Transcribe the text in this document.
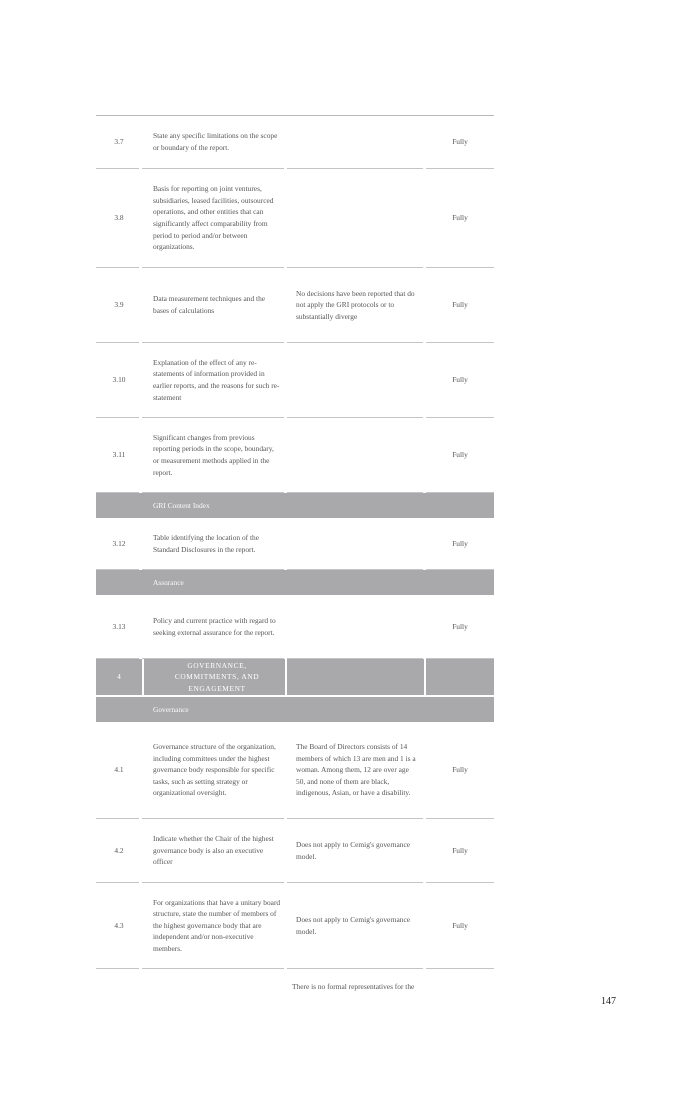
3.7
State any specific limitations on the scope or boundary of the report.
Fully
3.8
Basis for reporting on joint ventures, subsidiaries, leased facilities, outsourced operations, and other entities that can significantly affect comparability from period to period and/or between organizations.
Fully
3.9
Data measurement techniques and the bases of calculations
No decisions have been reported that do not apply the GRI protocols or to substantially diverge
Fully
3.10
Explanation of the effect of any re-statements of information provided in earlier reports, and the reasons for such re-statement
Fully
3.11
Significant changes from previous reporting periods in the scope, boundary, or measurement methods applied in the report.
Fully
GRI Content Index
3.12
Table identifying the location of the Standard Disclosures in the report.
Fully
Assurance
3.13
Policy and current practice with regard to seeking external assurance for the report.
Fully
4
GOVERNANCE, COMMITMENTS, AND ENGAGEMENT
Governance
4.1
Governance structure of the organization, including committees under the highest governance body responsible for specific tasks, such as setting strategy or organizational oversight.
The Board of Directors consists of 14 members of which 13 are men and 1 is a woman. Among them, 12 are over age 50, and none of them are black, indigenous, Asian, or have a disability.
Fully
4.2
Indicate whether the Chair of the highest governance body is also an executive officer
Does not apply to Cemig's governance model.
Fully
4.3
For organizations that have a unitary board structure, state the number of members of the highest governance body that are independent and/or non-executive members.
Does not apply to Cemig's governance model.
Fully
There is no formal representatives for the
147
